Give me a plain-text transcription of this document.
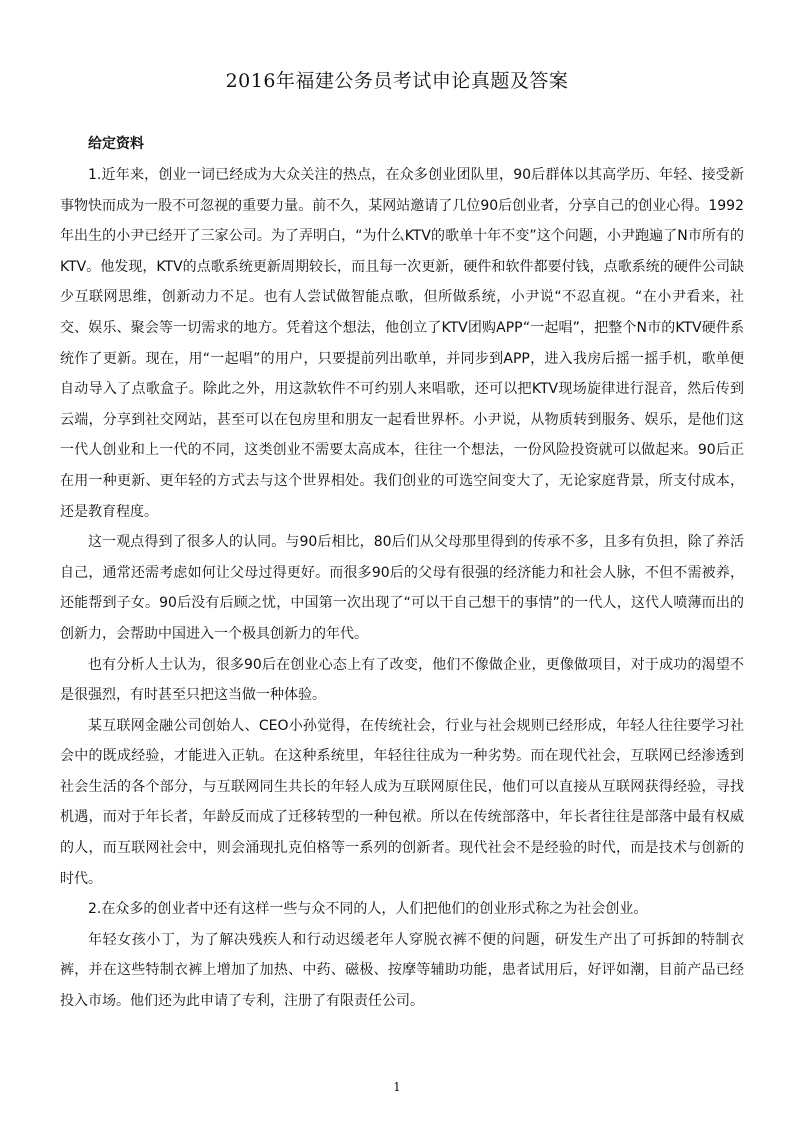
2016年福建公务员考试申论真题及答案
给定资料

1.近年来，创业一词已经成为大众关注的热点，在众多创业团队里，90后群体以其高学历、年轻、接受新事物快而成为一股不可忽视的重要力量。前不久，某网站邀请了几位90后创业者，分享自己的创业心得。1992年出生的小尹已经开了三家公司。为了弄明白，“为什么KTV的歌单十年不变”这个问题，小尹跑遍了N市所有的KTV。他发现，KTV的点歌系统更新周期较长，而且每一次更新，硬件和软件都要付钱，点歌系统的硬件公司缺少互联网思维，创新动力不足。也有人尝试做智能点歌，但所做系统，小尹说“不忍直视。“在小尹看来，社交、娱乐、聚会等一切需求的地方。凭着这个想法，他创立了KTV团购APP“一起唱”，把整个N市的KTV硬件系统作了更新。现在，用“一起唱”的用户，只要提前列出歌单，并同步到APP，进入我房后摇一摇手机，歌单便自动导入了点歌盒子。除此之外，用这款软件不可约别人来唱歌，还可以把KTV现场旋律进行混音，然后传到云端，分享到社交网站，甚至可以在包房里和朋友一起看世界杯。小尹说，从物质转到服务、娱乐，是他们这一代人创业和上一代的不同，这类创业不需要太高成本，往往一个想法，一份风险投资就可以做起来。90后正在用一种更新、更年轻的方式去与这个世界相处。我们创业的可选空间变大了，无论家庭背景，所支付成本，还是教育程度。

这一观点得到了很多人的认同。与90后相比，80后们从父母那里得到的传承不多，且多有负担，除了养活自己，通常还需考虑如何让父母过得更好。而很多90后的父母有很强的经济能力和社会人脉，不但不需被养，还能帮到子女。90后没有后顾之忧，中国第一次出现了“可以干自己想干的事情”的一代人，这代人喷薄而出的创新力，会帮助中国进入一个极具创新力的年代。

也有分析人士认为，很多90后在创业心态上有了改变，他们不像做企业，更像做项目，对于成功的渴望不是很强烈，有时甚至只把这当做一种体验。

某互联网金融公司创始人、CEO小孙觉得，在传统社会，行业与社会规则已经形成，年轻人往往要学习社会中的既成经验，才能进入正轨。在这种系统里，年轻往往成为一种劣势。而在现代社会，互联网已经渗透到社会生活的各个部分，与互联网同生共长的年轻人成为互联网原住民，他们可以直接从互联网获得经验，寻找机遇，而对于年长者，年龄反而成了迁移转型的一种包袱。所以在传统部落中，年长者往往是部落中最有权威的人，而互联网社会中，则会涌现扎克伯格等一系列的创新者。现代社会不是经验的时代，而是技术与创新的时代。

2.在众多的创业者中还有这样一些与众不同的人，人们把他们的创业形式称之为社会创业。

年轻女孩小丁，为了解决残疾人和行动迟缓老年人穿脱衣裤不便的问题，研发生产出了可拆卸的特制衣裤，并在这些特制衣裤上增加了加热、中药、磁极、按摩等辅助功能，患者试用后，好评如潮，目前产品已经投入市场。他们还为此申请了专利，注册了有限责任公司。

1
